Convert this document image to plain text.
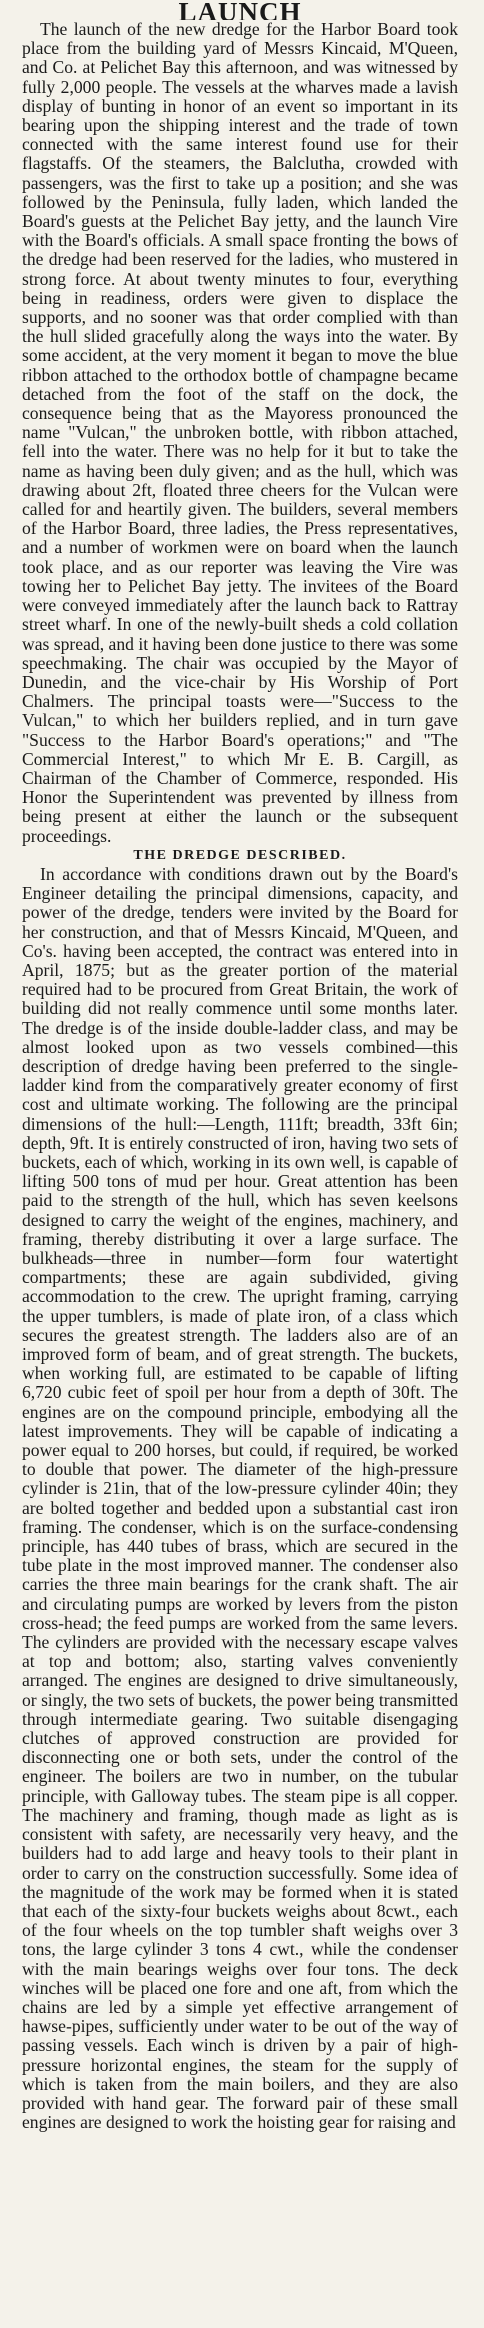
LAUNCH

The launch of the new dredge for the Harbor Board took place from the building yard of Messrs Kincaid, M'Queen, and Co. at Pelichet Bay this afternoon, and was witnessed by fully 2,000 people. The vessels at the wharves made a lavish display of bunting in honor of an event so important in its bearing upon the shipping interest and the trade of town connected with the same interest found use for their flagstaffs. Of the steamers, the Balclutha, crowded with passengers, was the first to take up a position; and she was followed by the Peninsula, fully laden, which landed the Board's guests at the Pelichet Bay jetty, and the launch Vire with the Board's officials. A small space fronting the bows of the dredge had been reserved for the ladies, who mustered in strong force. At about twenty minutes to four, everything being in readiness, orders were given to displace the supports, and no sooner was that order complied with than the hull slided gracefully along the ways into the water. By some accident, at the very moment it began to move the blue ribbon attached to the orthodox bottle of champagne became detached from the foot of the staff on the dock, the consequence being that as the Mayoress pronounced the name "Vulcan," the unbroken bottle, with ribbon attached, fell into the water. There was no help for it but to take the name as having been duly given; and as the hull, which was drawing about 2ft, floated three cheers for the Vulcan were called for and heartily given. The builders, several members of the Harbor Board, three ladies, the Press representatives, and a number of workmen were on board when the launch took place, and as our reporter was leaving the Vire was towing her to Pelichet Bay jetty. The invitees of the Board were conveyed immediately after the launch back to Rattray street wharf. In one of the newly-built sheds a cold collation was spread, and it having been done justice to there was some speechmaking. The chair was occupied by the Mayor of Dunedin, and the vice-chair by His Worship of Port Chalmers. The principal toasts were—"Success to the Vulcan," to which her builders replied, and in turn gave "Success to the Harbor Board's operations;" and "The Commercial Interest," to which Mr E. B. Cargill, as Chairman of the Chamber of Commerce, responded. His Honor the Superintendent was prevented by illness from being present at either the launch or the subsequent proceedings.

THE DREDGE DESCRIBED.

In accordance with conditions drawn out by the Board's Engineer detailing the principal dimensions, capacity, and power of the dredge, tenders were invited by the Board for her construction, and that of Messrs Kincaid, M'Queen, and Co's. having been accepted, the contract was entered into in April, 1875; but as the greater portion of the material required had to be procured from Great Britain, the work of building did not really commence until some months later. The dredge is of the inside double-ladder class, and may be almost looked upon as two vessels combined—this description of dredge having been preferred to the single-ladder kind from the comparatively greater economy of first cost and ultimate working. The following are the principal dimensions of the hull:—Length, 111ft; breadth, 33ft 6in; depth, 9ft. It is entirely constructed of iron, having two sets of buckets, each of which, working in its own well, is capable of lifting 500 tons of mud per hour. Great attention has been paid to the strength of the hull, which has seven keelsons designed to carry the weight of the engines, machinery, and framing, thereby distributing it over a large surface. The bulkheads—three in number—form four watertight compartments; these are again subdivided, giving accommodation to the crew. The upright framing, carrying the upper tumblers, is made of plate iron, of a class which secures the greatest strength. The ladders also are of an improved form of beam, and of great strength. The buckets, when working full, are estimated to be capable of lifting 6,720 cubic feet of spoil per hour from a depth of 30ft. The engines are on the compound principle, embodying all the latest improvements. They will be capable of indicating a power equal to 200 horses, but could, if required, be worked to double that power. The diameter of the high-pressure cylinder is 21in, that of the low-pressure cylinder 40in; they are bolted together and bedded upon a substantial cast iron framing. The condenser, which is on the surface-condensing principle, has 440 tubes of brass, which are secured in the tube plate in the most improved manner. The condenser also carries the three main bearings for the crank shaft. The air and circulating pumps are worked by levers from the piston cross-head; the feed pumps are worked from the same levers. The cylinders are provided with the necessary escape valves at top and bottom; also, starting valves conveniently arranged. The engines are designed to drive simultaneously, or singly, the two sets of buckets, the power being transmitted through intermediate gearing. Two suitable disengaging clutches of approved construction are provided for disconnecting one or both sets, under the control of the engineer. The boilers are two in number, on the tubular principle, with Galloway tubes. The steam pipe is all copper. The machinery and framing, though made as light as is consistent with safety, are necessarily very heavy, and the builders had to add large and heavy tools to their plant in order to carry on the construction successfully. Some idea of the magnitude of the work may be formed when it is stated that each of the sixty-four buckets weighs about 8cwt., each of the four wheels on the top tumbler shaft weighs over 3 tons, the large cylinder 3 tons 4 cwt., while the condenser with the main bearings weighs over four tons. The deck winches will be placed one fore and one aft, from which the chains are led by a simple yet effective arrangement of hawse-pipes, sufficiently under water to be out of the way of passing vessels. Each winch is driven by a pair of high-pressure horizontal engines, the steam for the supply of which is taken from the main boilers, and they are also provided with hand gear. The forward pair of these small engines are designed to work the hoisting gear for raising and
